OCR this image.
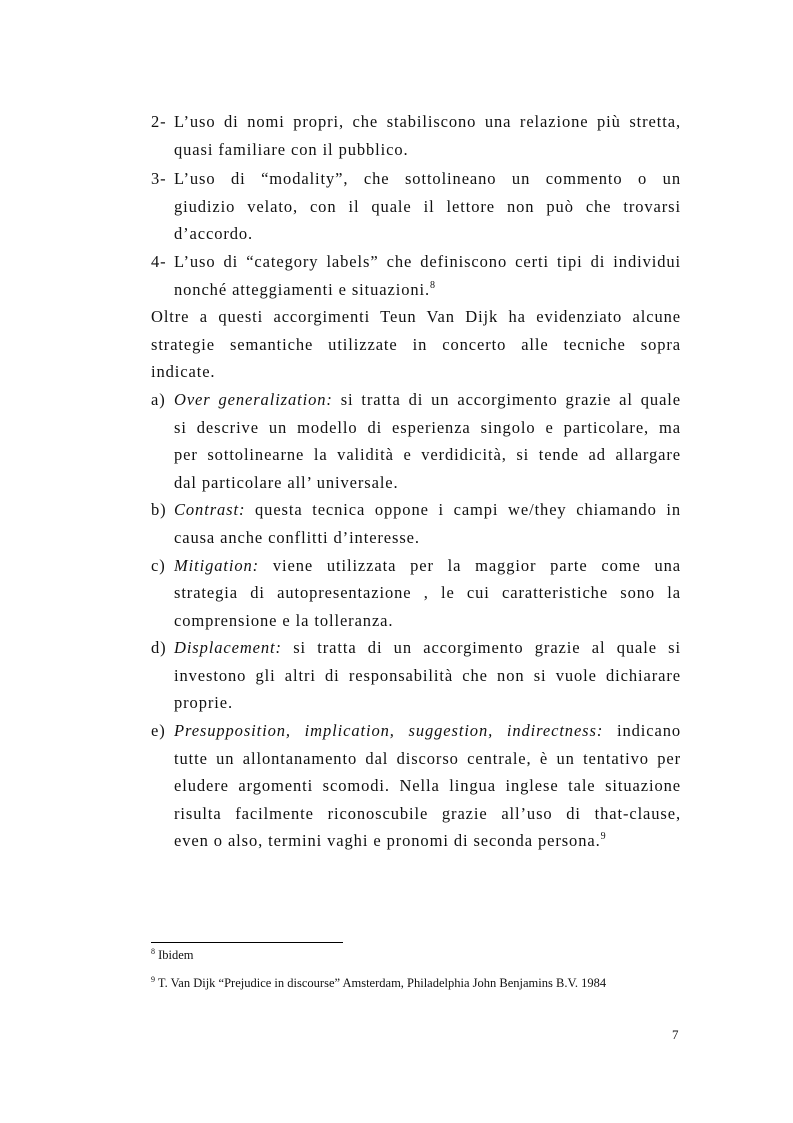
2- L’uso di nomi propri, che stabiliscono una relazione più stretta,
quasi familiare con il pubblico.
3- L’uso di “modality”, che sottolineano un commento o un
giudizio velato, con il quale il lettore non può che trovarsi
d’accordo.
4- L’uso di “category labels” che definiscono certi tipi di individui
nonché atteggiamenti e situazioni.$^8$
Oltre a questi accorgimenti Teun Van Dijk ha evidenziato alcune
strategie semantiche utilizzate in concerto alle tecniche sopra
indicate.
a) Over generalization: si tratta di un accorgimento grazie al quale
si descrive un modello di esperienza singolo e particolare, ma
per sottolinearne la validità e verdidicità, si tende ad allargare
dal particolare all’ universale.
b) Contrast: questa tecnica oppone i campi we/they chiamando in
causa anche conflitti d’interesse.
c) Mitigation: viene utilizzata per la maggior parte come una
strategia di autopresentazione , le cui caratteristiche sono la
comprensione e la tolleranza.
d) Displacement: si tratta di un accorgimento grazie al quale si
investono gli altri di responsabilità che non si vuole dichiarare
proprie.
e) Presupposition, implication, suggestion, indirectness: indicano
tutte un allontanamento dal discorso centrale, è un tentativo per
eludere argomenti scomodi. Nella lingua inglese tale situazione
risulta facilmente riconoscubile grazie all’uso di that-clause,
even o also, termini vaghi e pronomi di seconda persona.$^9$
$^8$ Ibidem
$^9$ T. Van Dijk “Prejudice in discourse” Amsterdam, Philadelphia John Benjamins B.V. 1984
7
